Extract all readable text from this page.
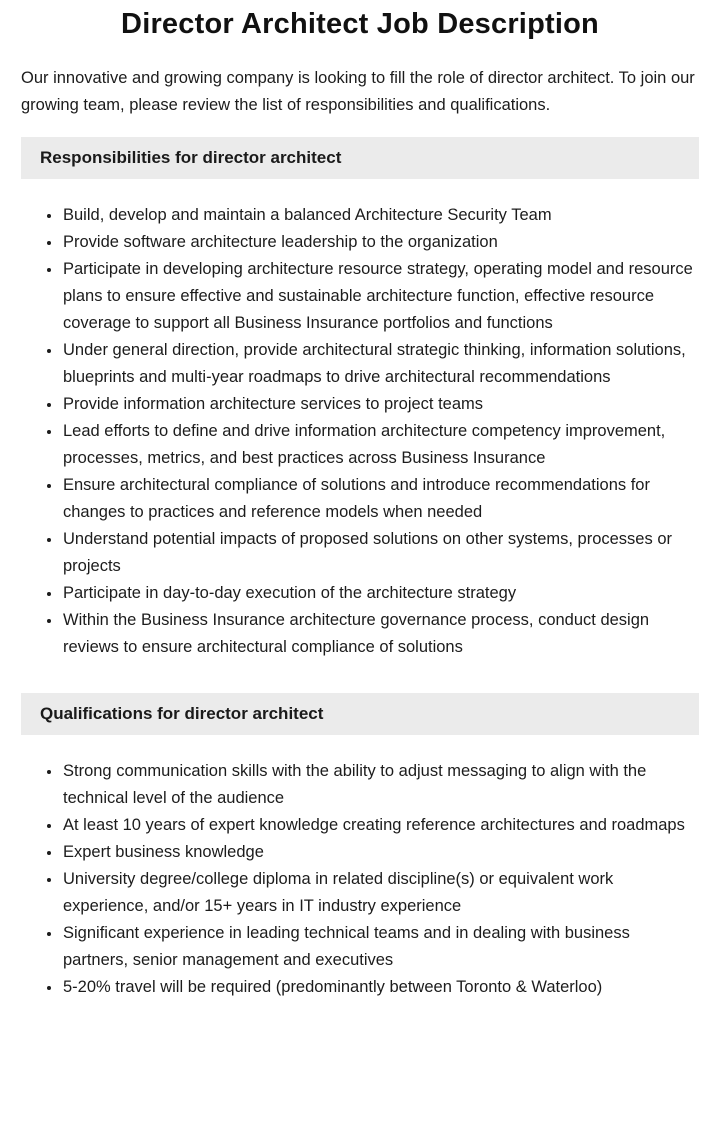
Director Architect Job Description

Our innovative and growing company is looking to fill the role of director architect. To join our growing team, please review the list of responsibilities and qualifications.

Responsibilities for director architect
• Build, develop and maintain a balanced Architecture Security Team
• Provide software architecture leadership to the organization
• Participate in developing architecture resource strategy, operating model and resource plans to ensure effective and sustainable architecture function, effective resource coverage to support all Business Insurance portfolios and functions
• Under general direction, provide architectural strategic thinking, information solutions, blueprints and multi-year roadmaps to drive architectural recommendations
• Provide information architecture services to project teams
• Lead efforts to define and drive information architecture competency improvement, processes, metrics, and best practices across Business Insurance
• Ensure architectural compliance of solutions and introduce recommendations for changes to practices and reference models when needed
• Understand potential impacts of proposed solutions on other systems, processes or projects
• Participate in day-to-day execution of the architecture strategy
• Within the Business Insurance architecture governance process, conduct design reviews to ensure architectural compliance of solutions
Qualifications for director architect
• Strong communication skills with the ability to adjust messaging to align with the technical level of the audience
• At least 10 years of expert knowledge creating reference architectures and roadmaps
• Expert business knowledge
• University degree/college diploma in related discipline(s) or equivalent work experience, and/or 15+ years in IT industry experience
• Significant experience in leading technical teams and in dealing with business partners, senior management and executives
• 5-20% travel will be required (predominantly between Toronto & Waterloo)
